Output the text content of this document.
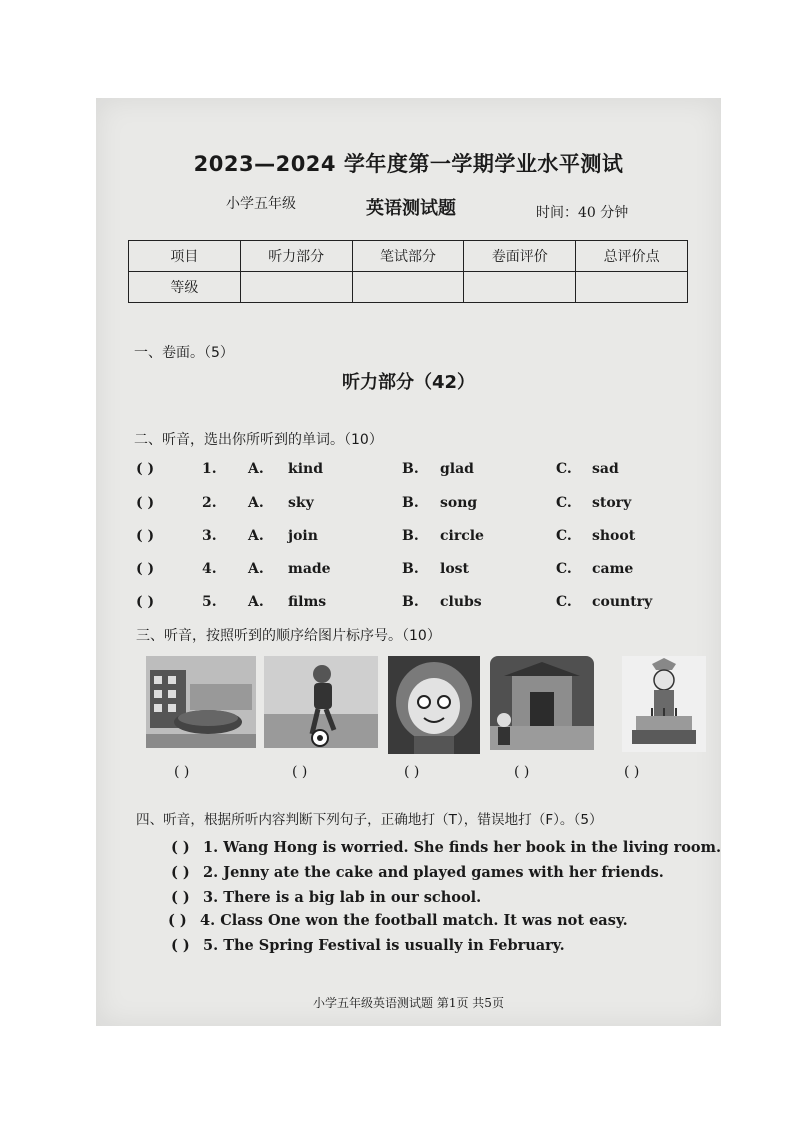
2023—2024 学年度第一学期学业水平测试
小学五年级	英语测试题	时间：40 分钟
项目	听力部分	笔试部分	卷面评价	总评价点
等级				
一、卷面。（5）
听力部分（42）
二、听音，选出你所听到的单词。（10）
( )	1. A. kind	B. glad	C. sad
( )	2. A. sky	B. song	C. story
( )	3. A. join	B. circle	C. shoot
( )	4. A. made	B. lost	C. came
( )	5. A. films	B. clubs	C. country
三、听音，按照听到的顺序给图片标序号。（10）
( )	( )	( )	( )	( )
四、听音，根据所听内容判断下列句子，正确地打（T），错误地打（F）。（5）
( ) 1. Wang Hong is worried. She finds her book in the living room.
( ) 2. Jenny ate the cake and played games with her friends.
( ) 3. There is a big lab in our school.
( ) 4. Class One won the football match. It was not easy.
( ) 5. The Spring Festival is usually in February.
小学五年级英语测试题 第1页 共5页
